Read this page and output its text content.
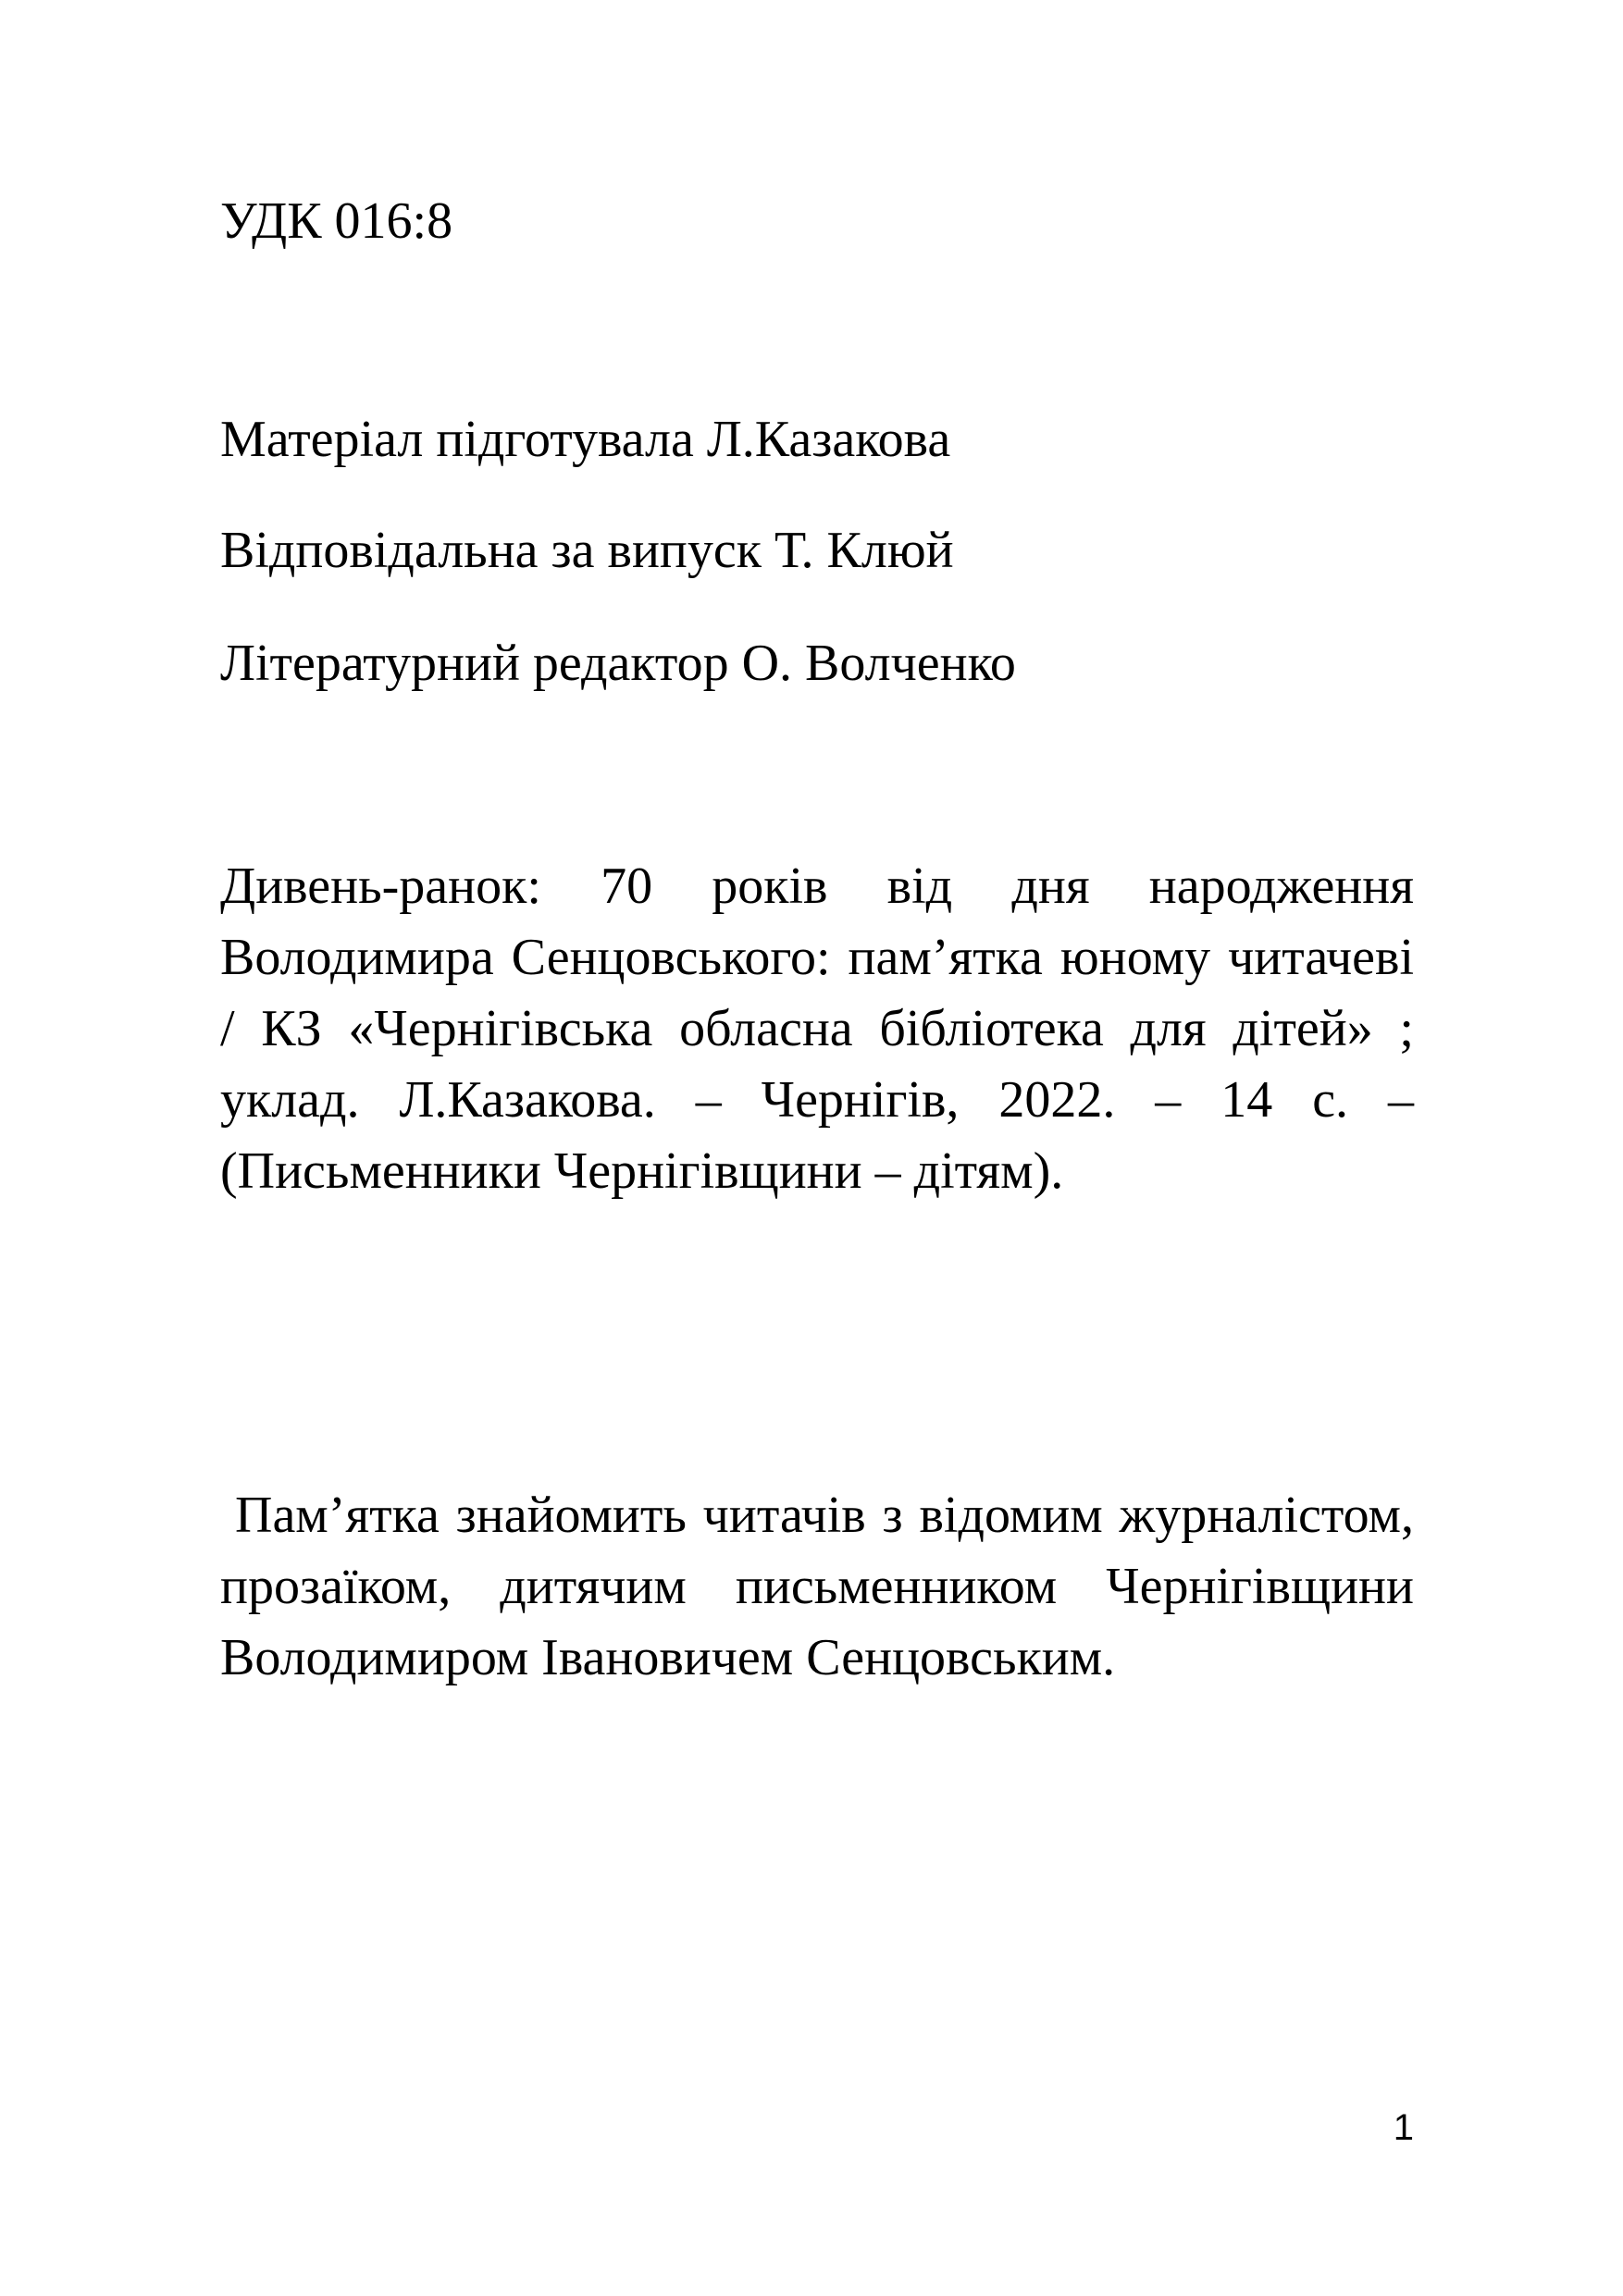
УДК 016:8

Матеріал підготувала Л.Казакова

Відповідальна за випуск Т. Клюй

Літературний редактор О. Волченко

Дивень-ранок: 70 років від дня народження Володимира Сенцовського: пам’ятка юному читачеві / КЗ «Чернігівська обласна бібліотека для дітей» ; уклад. Л.Казакова. – Чернігів, 2022. – 14 с. – (Письменники Чернігівщини – дітям).

Пам’ятка знайомить читачів з відомим журналістом, прозаїком, дитячим письменником Чернігівщини Володимиром Івановичем Сенцовським.

1
